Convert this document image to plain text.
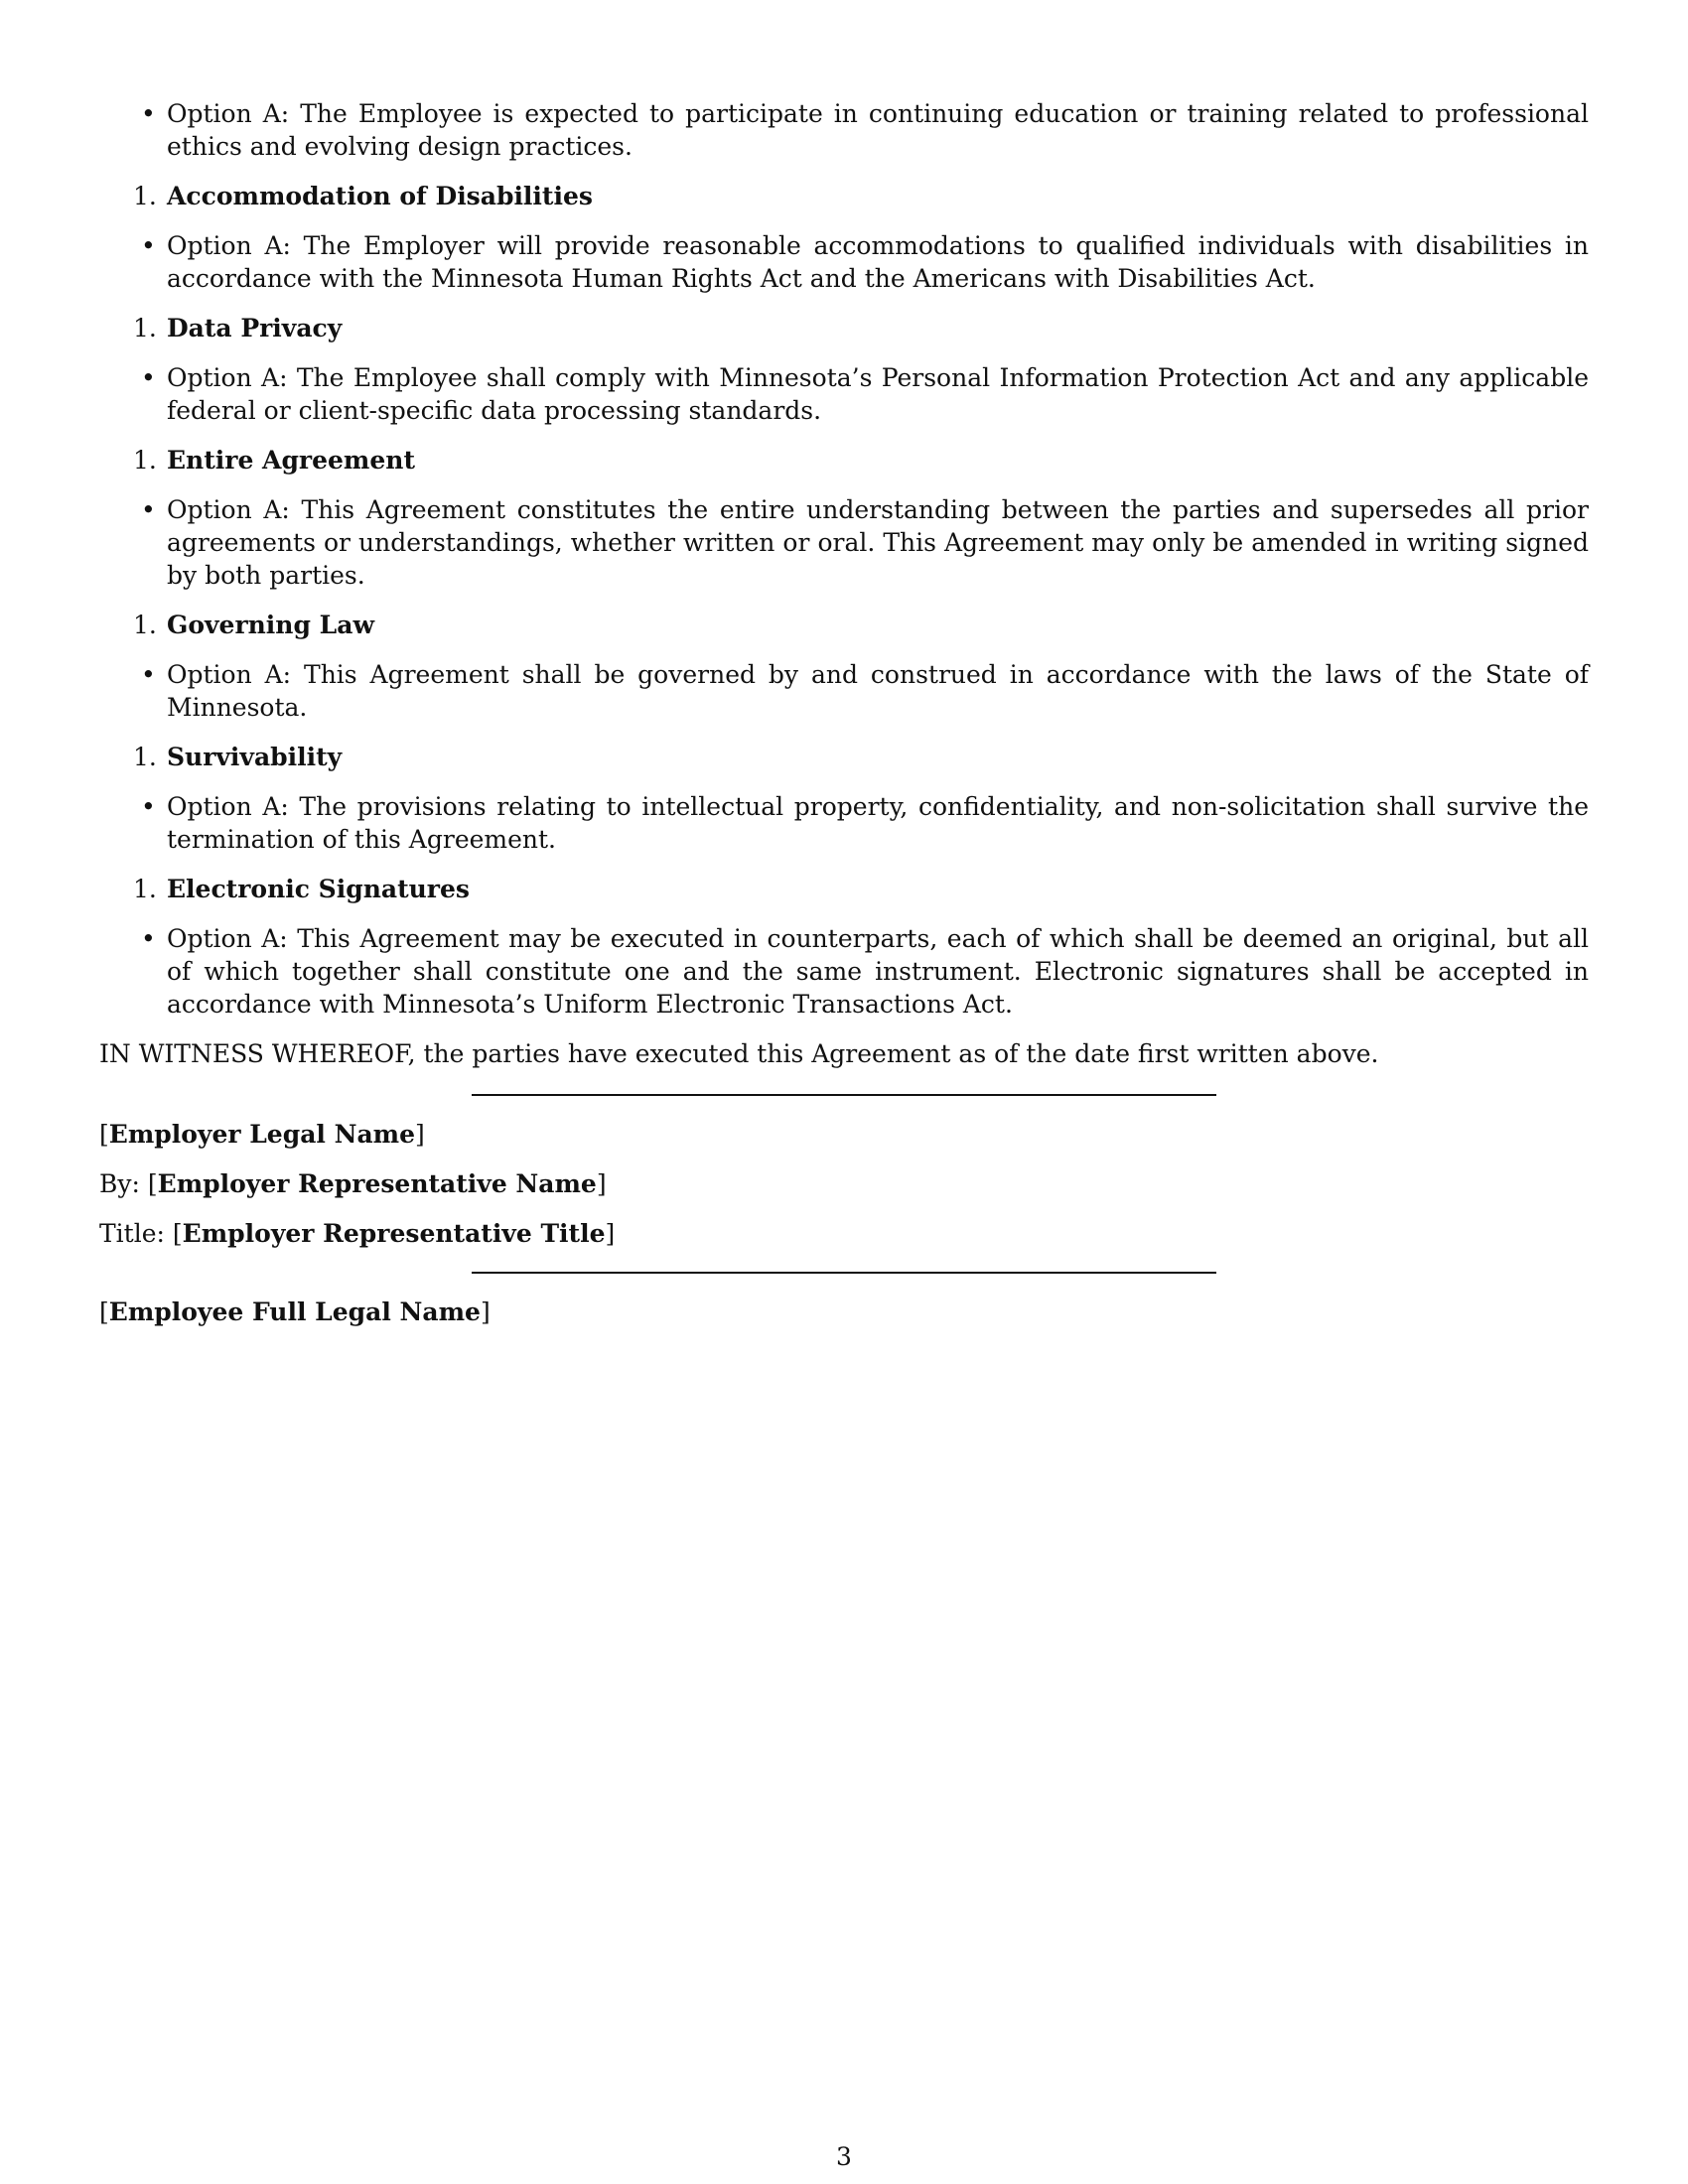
• Option A: The Employee is expected to participate in continuing education or training related to professional ethics and evolving design practices.
1. Accommodation of Disabilities
• Option A: The Employer will provide reasonable accommodations to qualified individuals with disabilities in accordance with the Minnesota Human Rights Act and the Americans with Disabilities Act.
1. Data Privacy
• Option A: The Employee shall comply with Minnesota’s Personal Information Protection Act and any applicable federal or client-specific data processing standards.
1. Entire Agreement
• Option A: This Agreement constitutes the entire understanding between the parties and supersedes all prior agreements or understandings, whether written or oral. This Agreement may only be amended in writing signed by both parties.
1. Governing Law
• Option A: This Agreement shall be governed by and construed in accordance with the laws of the State of Minnesota.
1. Survivability
• Option A: The provisions relating to intellectual property, confidentiality, and non-solicitation shall survive the termination of this Agreement.
1. Electronic Signatures
• Option A: This Agreement may be executed in counterparts, each of which shall be deemed an original, but all of which together shall constitute one and the same instrument. Electronic signatures shall be accepted in accordance with Minnesota’s Uniform Electronic Transactions Act.

IN WITNESS WHEREOF, the parties have executed this Agreement as of the date first written above.

[Employer Legal Name]
By: [Employer Representative Name]
Title: [Employer Representative Title]
[Employee Full Legal Name]
3
